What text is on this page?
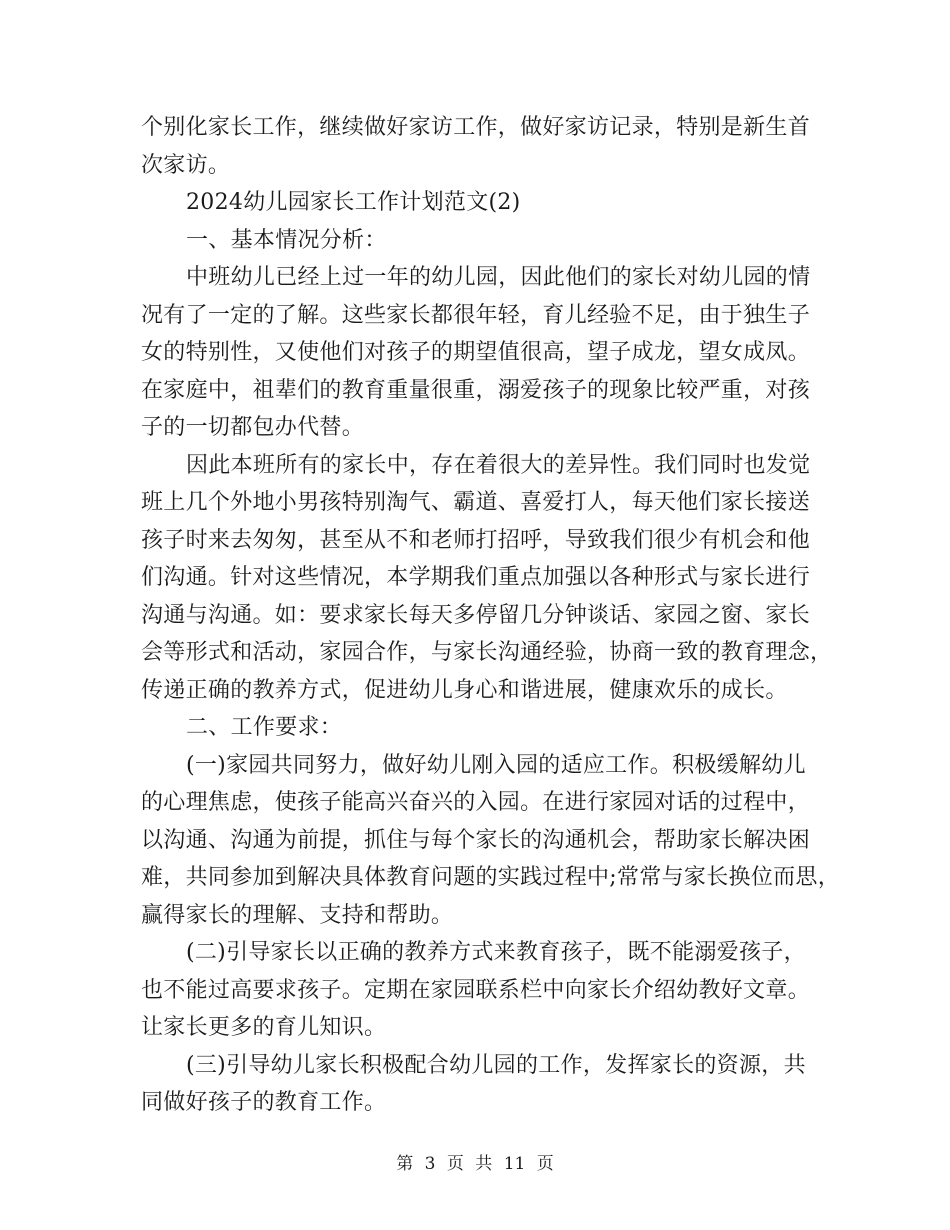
个别化家长工作，继续做好家访工作，做好家访记录，特别是新生首
次家访。
2024幼儿园家长工作计划范文(2)
一、基本情况分析：
中班幼儿已经上过一年的幼儿园，因此他们的家长对幼儿园的情
况有了一定的了解。这些家长都很年轻，育儿经验不足，由于独生子
女的特别性，又使他们对孩子的期望值很高，望子成龙，望女成凤。
在家庭中，祖辈们的教育重量很重，溺爱孩子的现象比较严重，对孩
子的一切都包办代替。
因此本班所有的家长中，存在着很大的差异性。我们同时也发觉
班上几个外地小男孩特别淘气、霸道、喜爱打人，每天他们家长接送
孩子时来去匆匆，甚至从不和老师打招呼，导致我们很少有机会和他
们沟通。针对这些情况，本学期我们重点加强以各种形式与家长进行
沟通与沟通。如：要求家长每天多停留几分钟谈话、家园之窗、家长
会等形式和活动，家园合作，与家长沟通经验，协商一致的教育理念，
传递正确的教养方式，促进幼儿身心和谐进展，健康欢乐的成长。
二、工作要求：
(一)家园共同努力，做好幼儿刚入园的适应工作。积极缓解幼儿
的心理焦虑，使孩子能高兴奋兴的入园。在进行家园对话的过程中，
以沟通、沟通为前提，抓住与每个家长的沟通机会，帮助家长解决困
难，共同参加到解决具体教育问题的实践过程中;常常与家长换位而思，
赢得家长的理解、支持和帮助。
(二)引导家长以正确的教养方式来教育孩子，既不能溺爱孩子，
也不能过高要求孩子。定期在家园联系栏中向家长介绍幼教好文章。
让家长更多的育儿知识。
(三)引导幼儿家长积极配合幼儿园的工作，发挥家长的资源，共
同做好孩子的教育工作。
第 3 页 共 11 页
